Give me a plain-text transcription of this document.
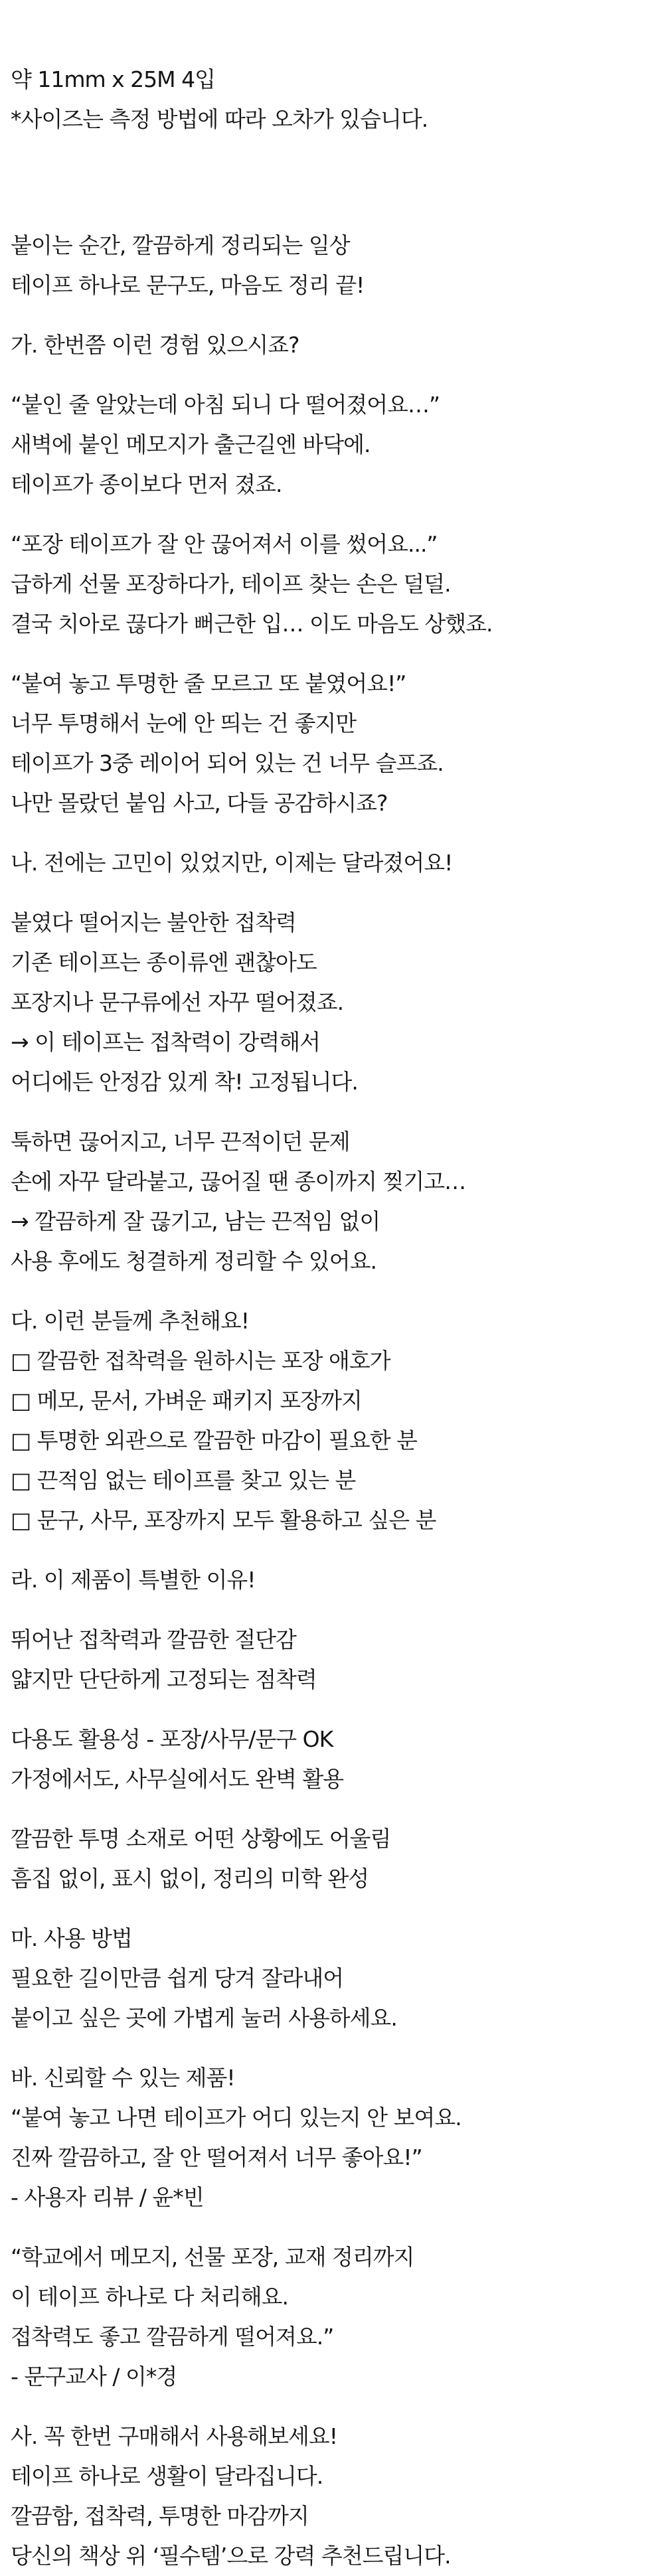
약 11mm x 25M 4입
*사이즈는 측정 방법에 따라 오차가 있습니다.
붙이는 순간, 깔끔하게 정리되는 일상
테이프 하나로 문구도, 마음도 정리 끝!
가. 한번쯤 이런 경험 있으시죠?
“붙인 줄 알았는데 아침 되니 다 떨어졌어요…”
새벽에 붙인 메모지가 출근길엔 바닥에.
테이프가 종이보다 먼저 졌죠.
“포장 테이프가 잘 안 끊어져서 이를 썼어요...”
급하게 선물 포장하다가, 테이프 찾는 손은 덜덜.
결국 치아로 끊다가 뻐근한 입… 이도 마음도 상했죠.
“붙여 놓고 투명한 줄 모르고 또 붙였어요!”
너무 투명해서 눈에 안 띄는 건 좋지만
테이프가 3중 레이어 되어 있는 건 너무 슬프죠.
나만 몰랐던 붙임 사고, 다들 공감하시죠?
나. 전에는 고민이 있었지만, 이제는 달라졌어요!
붙였다 떨어지는 불안한 접착력
기존 테이프는 종이류엔 괜찮아도
포장지나 문구류에선 자꾸 떨어졌죠.
→ 이 테이프는 접착력이 강력해서
어디에든 안정감 있게 착! 고정됩니다.
툭하면 끊어지고, 너무 끈적이던 문제
손에 자꾸 달라붙고, 끊어질 땐 종이까지 찢기고…
→ 깔끔하게 잘 끊기고, 남는 끈적임 없이
사용 후에도 청결하게 정리할 수 있어요.
다. 이런 분들께 추천해요!
□ 깔끔한 접착력을 원하시는 포장 애호가
□ 메모, 문서, 가벼운 패키지 포장까지
□ 투명한 외관으로 깔끔한 마감이 필요한 분
□ 끈적임 없는 테이프를 찾고 있는 분
□ 문구, 사무, 포장까지 모두 활용하고 싶은 분
라. 이 제품이 특별한 이유!
뛰어난 접착력과 깔끔한 절단감
얇지만 단단하게 고정되는 점착력
다용도 활용성 - 포장/사무/문구 OK
가정에서도, 사무실에서도 완벽 활용
깔끔한 투명 소재로 어떤 상황에도 어울림
흠집 없이, 표시 없이, 정리의 미학 완성
마. 사용 방법
필요한 길이만큼 쉽게 당겨 잘라내어
붙이고 싶은 곳에 가볍게 눌러 사용하세요.
바. 신뢰할 수 있는 제품!
“붙여 놓고 나면 테이프가 어디 있는지 안 보여요.
진짜 깔끔하고, 잘 안 떨어져서 너무 좋아요!”
- 사용자 리뷰 / 윤*빈
“학교에서 메모지, 선물 포장, 교재 정리까지
이 테이프 하나로 다 처리해요.
접착력도 좋고 깔끔하게 떨어져요.”
- 문구교사 / 이*경
사. 꼭 한번 구매해서 사용해보세요!
테이프 하나로 생활이 달라집니다.
깔끔함, 접착력, 투명한 마감까지
당신의 책상 위 ‘필수템’으로 강력 추천드립니다.
